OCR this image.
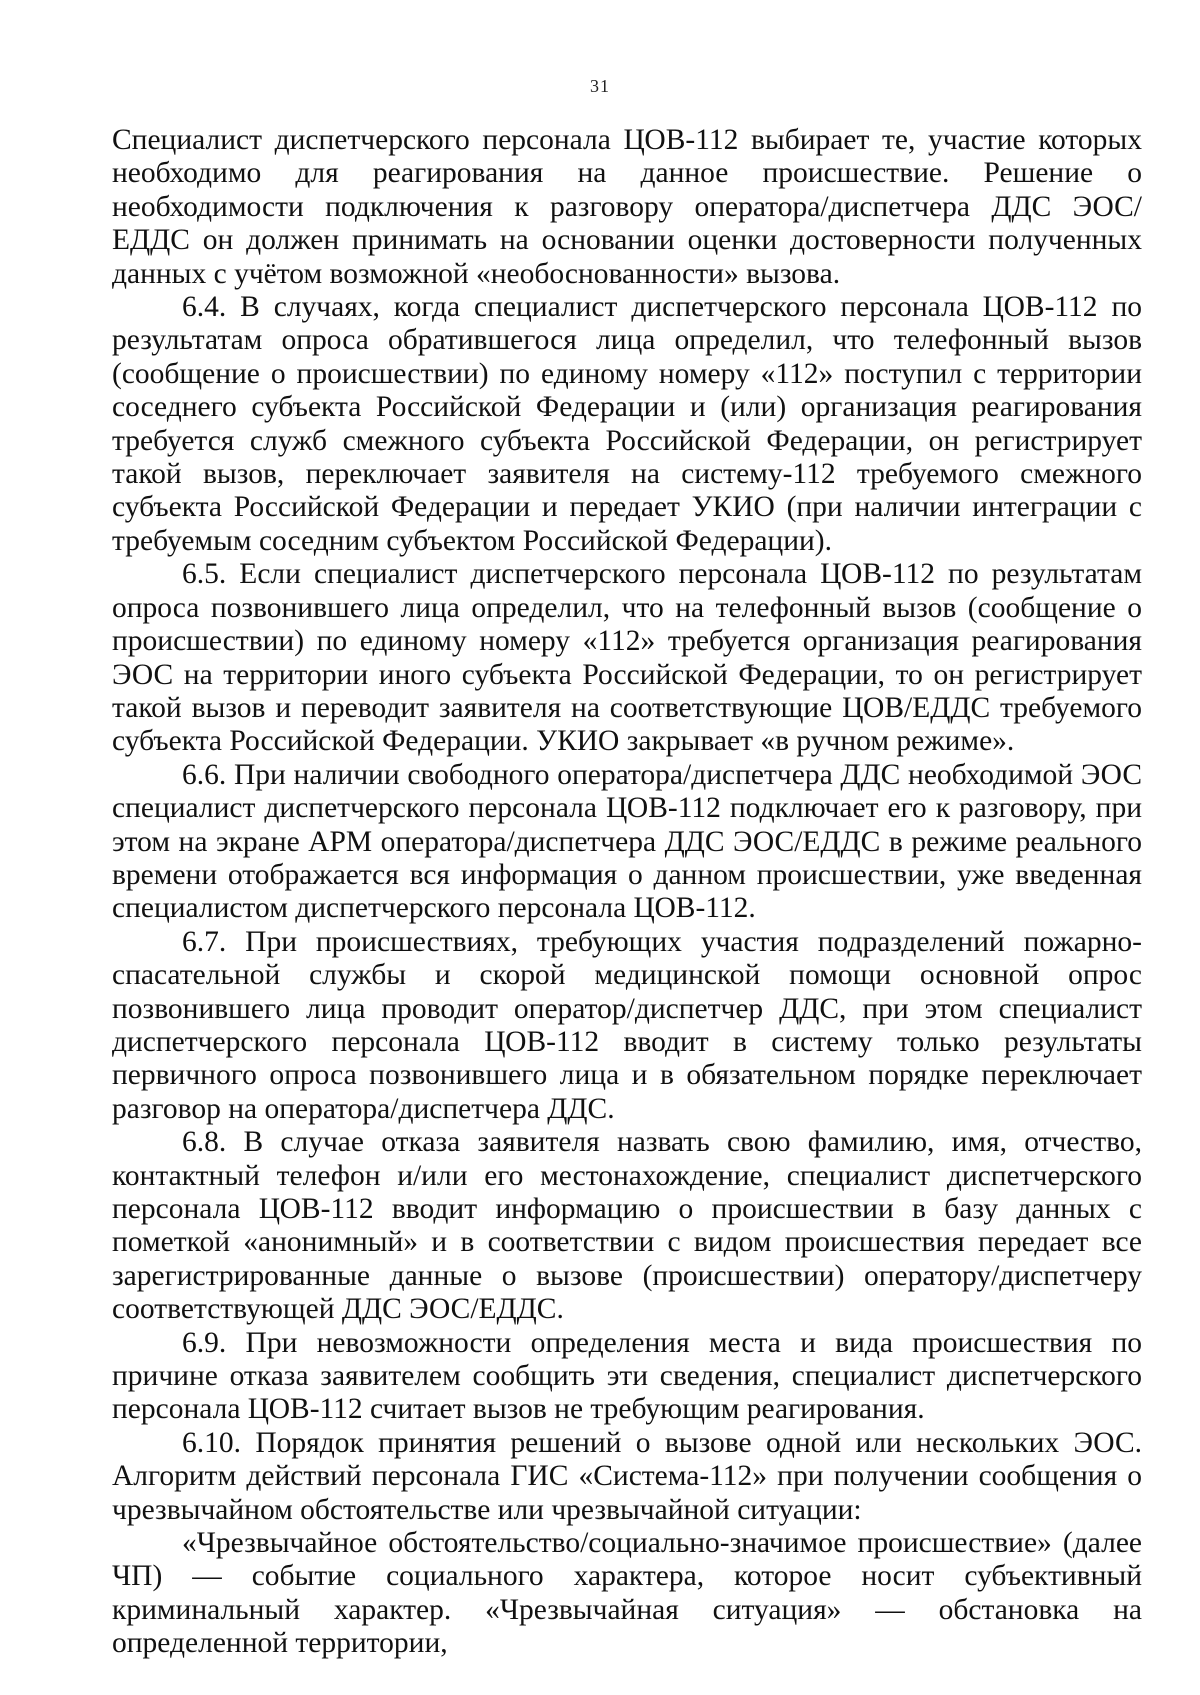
31

Специалист диспетчерского персонала ЦОВ-112 выбирает те, участие которых необходимо для реагирования на данное происшествие. Решение о необходимости подключения к разговору оператора/диспетчера ДДС ЭОС/ ЕДДС он должен принимать на основании оценки достоверности полученных данных с учётом возможной «необоснованности» вызова.

6.4. В случаях, когда специалист диспетчерского персонала ЦОВ-112 по результатам опроса обратившегося лица определил, что телефонный вызов (сообщение о происшествии) по единому номеру «112» поступил с территории соседнего субъекта Российской Федерации и (или) организация реагирования требуется служб смежного субъекта Российской Федерации, он регистрирует такой вызов, переключает заявителя на систему-112 требуемого смежного субъекта Российской Федерации и передает УКИО (при наличии интеграции с требуемым соседним субъектом Российской Федерации).

6.5. Если специалист диспетчерского персонала ЦОВ-112 по результатам опроса позвонившего лица определил, что на телефонный вызов (сообщение о происшествии) по единому номеру «112» требуется организация реагирования ЭОС на территории иного субъекта Российской Федерации, то он регистрирует такой вызов и переводит заявителя на соответствующие ЦОВ/ЕДДС требуемого субъекта Российской Федерации. УКИО закрывает «в ручном режиме».

6.6. При наличии свободного оператора/диспетчера ДДС необходимой ЭОС специалист диспетчерского персонала ЦОВ-112 подключает его к разговору, при этом на экране АРМ оператора/диспетчера ДДС ЭОС/ЕДДС в режиме реального времени отображается вся информация о данном происшествии, уже введенная специалистом диспетчерского персонала ЦОВ-112.

6.7. При происшествиях, требующих участия подразделений пожарно-спасательной службы и скорой медицинской помощи основной опрос позвонившего лица проводит оператор/диспетчер ДДС, при этом специалист диспетчерского персонала ЦОВ-112 вводит в систему только результаты первичного опроса позвонившего лица и в обязательном порядке переключает разговор на оператора/диспетчера ДДС.

6.8. В случае отказа заявителя назвать свою фамилию, имя, отчество, контактный телефон и/или его местонахождение, специалист диспетчерского персонала ЦОВ-112 вводит информацию о происшествии в базу данных с пометкой «анонимный» и в соответствии с видом происшествия передает все зарегистрированные данные о вызове (происшествии) оператору/диспетчеру соответствующей ДДС ЭОС/ЕДДС.

6.9. При невозможности определения места и вида происшествия по причине отказа заявителем сообщить эти сведения, специалист диспетчерского персонала ЦОВ-112 считает вызов не требующим реагирования.

6.10. Порядок принятия решений о вызове одной или нескольких ЭОС. Алгоритм действий персонала ГИС «Система-112» при получении сообщения о чрезвычайном обстоятельстве или чрезвычайной ситуации:

«Чрезвычайное обстоятельство/социально-значимое происшествие» (далее ЧП) — событие социального характера, которое носит субъективный криминальный характер. «Чрезвычайная ситуация» — обстановка на определенной территории,
